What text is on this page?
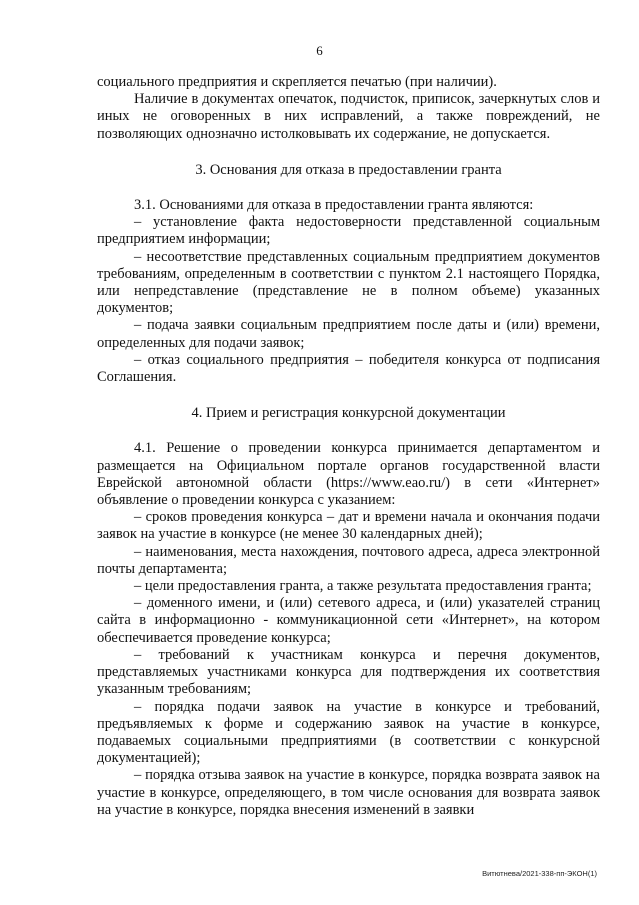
6

социального предприятия и скрепляется печатью (при наличии).

Наличие в документах опечаток, подчисток, приписок, зачеркнутых слов и иных не оговоренных в них исправлений, а также повреждений, не позволяющих однозначно истолковывать их содержание, не допускается.

3. Основания для отказа в предоставлении гранта

3.1. Основаниями для отказа в предоставлении гранта являются:

– установление факта недостоверности представленной социальным предприятием информации;

– несоответствие представленных социальным предприятием документов требованиям, определенным в соответствии с пунктом 2.1 настоящего Порядка, или непредставление (представление не в полном объеме) указанных документов;

– подача заявки социальным предприятием после даты и (или) времени, определенных для подачи заявок;

– отказ социального предприятия – победителя конкурса от подписания Соглашения.

4. Прием и регистрация конкурсной документации

4.1. Решение о проведении конкурса принимается департаментом и размещается на Официальном портале органов государственной власти Еврейской автономной области (https://www.eao.ru/) в сети «Интернет» объявление о проведении конкурса с указанием:

– сроков проведения конкурса – дат и времени начала и окончания подачи заявок на участие в конкурсе (не менее 30 календарных дней);

– наименования, места нахождения, почтового адреса, адреса электронной почты департамента;

– цели предоставления гранта, а также результата предоставления гранта;

– доменного имени, и (или) сетевого адреса, и (или) указателей страниц сайта в информационно - коммуникационной сети «Интернет», на котором обеспечивается проведение конкурса;

– требований к участникам конкурса и перечня документов, представляемых участниками конкурса для подтверждения их соответствия указанным требованиям;

– порядка подачи заявок на участие в конкурсе и требований, предъявляемых к форме и содержанию заявок на участие в конкурсе, подаваемых социальными предприятиями (в соответствии с конкурсной документацией);

– порядка отзыва заявок на участие в конкурсе, порядка возврата заявок на участие в конкурсе, определяющего, в том числе основания для возврата заявок на участие в конкурсе, порядка внесения изменений в заявки

Витютнева/2021-338-пп-ЭКОН(1)
